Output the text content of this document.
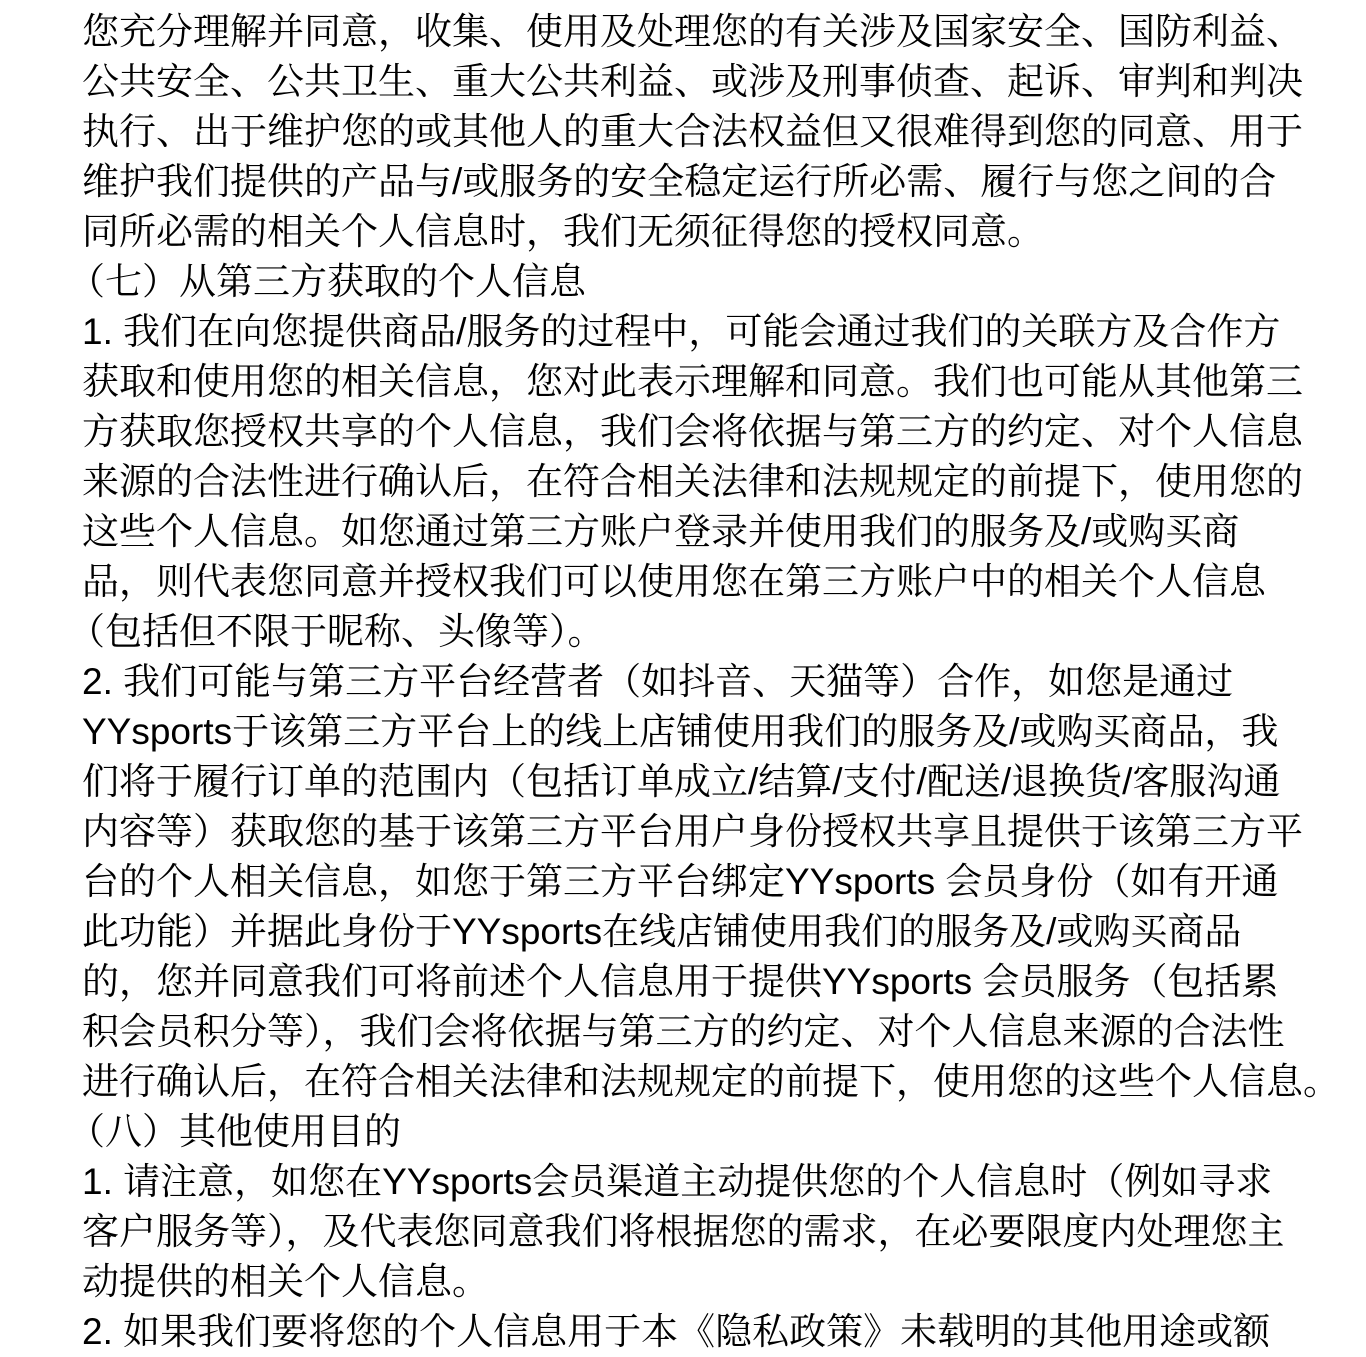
您充分理解并同意，收集、使用及处理您的有关涉及国家安全、国防利益、
公共安全、公共卫生、重大公共利益、或涉及刑事侦查、起诉、审判和判决
执行、出于维护您的或其他人的重大合法权益但又很难得到您的同意、用于
维护我们提供的产品与/或服务的安全稳定运行所必需、履行与您之间的合
同所必需的相关个人信息时，我们无须征得您的授权同意。
（七）从第三方获取的个人信息
1. 我们在向您提供商品/服务的过程中，可能会通过我们的关联方及合作方
获取和使用您的相关信息，您对此表示理解和同意。我们也可能从其他第三
方获取您授权共享的个人信息，我们会将依据与第三方的约定、对个人信息
来源的合法性进行确认后，在符合相关法律和法规规定的前提下，使用您的
这些个人信息。如您通过第三方账户登录并使用我们的服务及/或购买商
品，则代表您同意并授权我们可以使用您在第三方账户中的相关个人信息
（包括但不限于昵称、头像等）。
2. 我们可能与第三方平台经营者（如抖音、天猫等）合作，如您是通过
YYsports于该第三方平台上的线上店铺使用我们的服务及/或购买商品，我
们将于履行订单的范围内（包括订单成立/结算/支付/配送/退换货/客服沟通
内容等）获取您的基于该第三方平台用户身份授权共享且提供于该第三方平
台的个人相关信息，如您于第三方平台绑定YYsports 会员身份（如有开通
此功能）并据此身份于YYsports在线店铺使用我们的服务及/或购买商品
的，您并同意我们可将前述个人信息用于提供YYsports 会员服务（包括累
积会员积分等），我们会将依据与第三方的约定、对个人信息来源的合法性
进行确认后，在符合相关法律和法规规定的前提下，使用您的这些个人信息。
（八）其他使用目的
1. 请注意，如您在YYsports会员渠道主动提供您的个人信息时（例如寻求
客户服务等），及代表您同意我们将根据您的需求，在必要限度内处理您主
动提供的相关个人信息。
2. 如果我们要将您的个人信息用于本《隐私政策》未载明的其他用途或额
